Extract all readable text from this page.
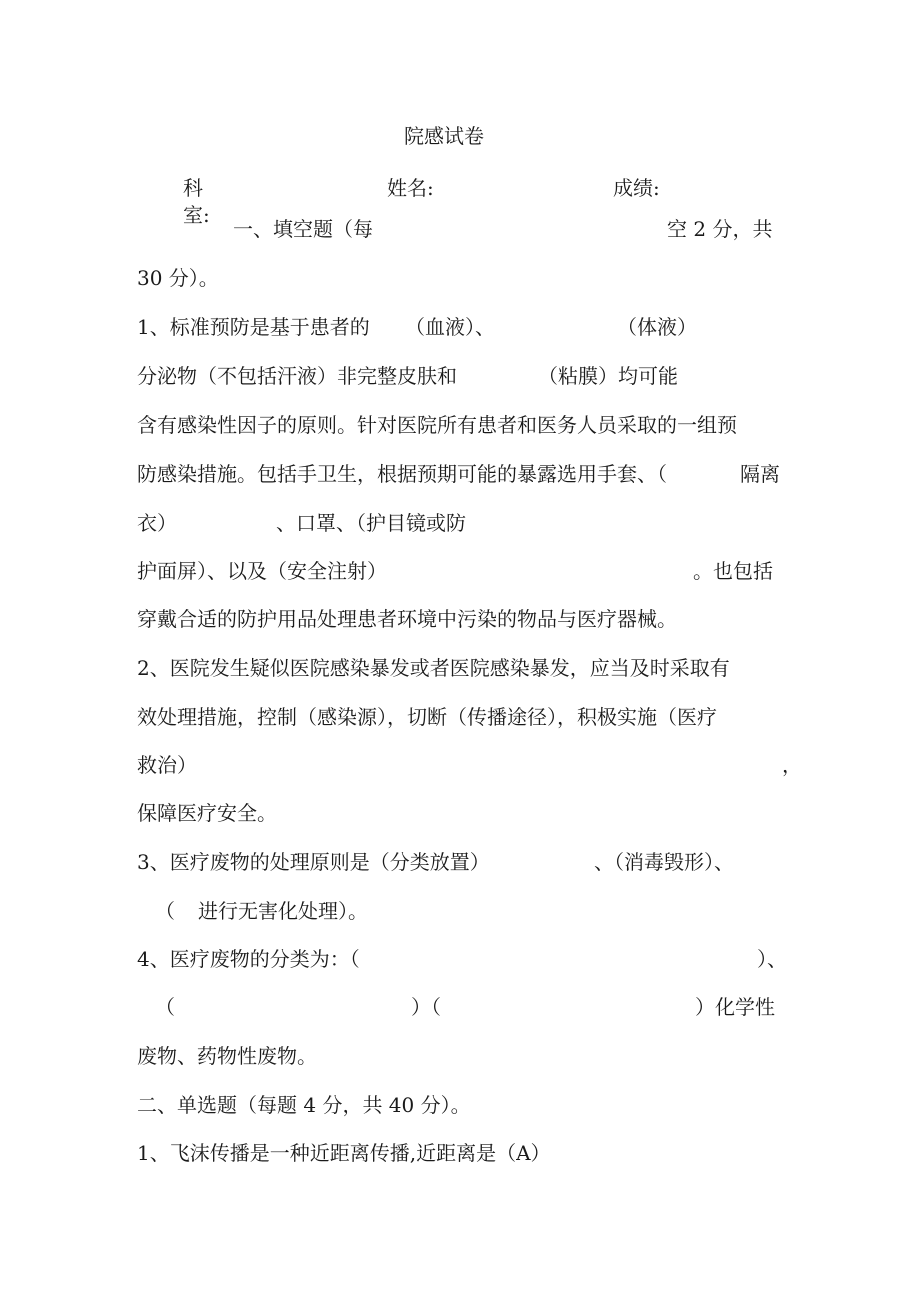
院感试卷
科
室:
姓名:	成绩:
一、填空题（每	空 2 分，共
30 分）。
1、标准预防是基于患者的 （血液）、	（体液）
分泌物（不包括汗液）非完整皮肤和	（粘膜）均可能
含有感染性因子的原则。针对医院所有患者和医务人员采取的一组预
防感染措施。包括手卫生，根据预期可能的暴露选用手套、（	隔离
衣）	、口罩、（护目镜或防
护面屏）、以及（安全注射）	。也包括
穿戴合适的防护用品处理患者环境中污染的物品与医疗器械。
2、医院发生疑似医院感染暴发或者医院感染暴发，应当及时采取有
效处理措施，控制（感染源），切断（传播途径），积极实施（医疗
救治）	，
保障医疗安全。
3、医疗废物的处理原则是（分类放置）	、（消毒毁形）、
（ 进行无害化处理）。
4、医疗废物的分类为：（	）、
（	）（	）化学性
废物、药物性废物。
二、单选题（每题 4 分，共 40 分）。
1、飞沫传播是一种近距离传播,近距离是（A）
